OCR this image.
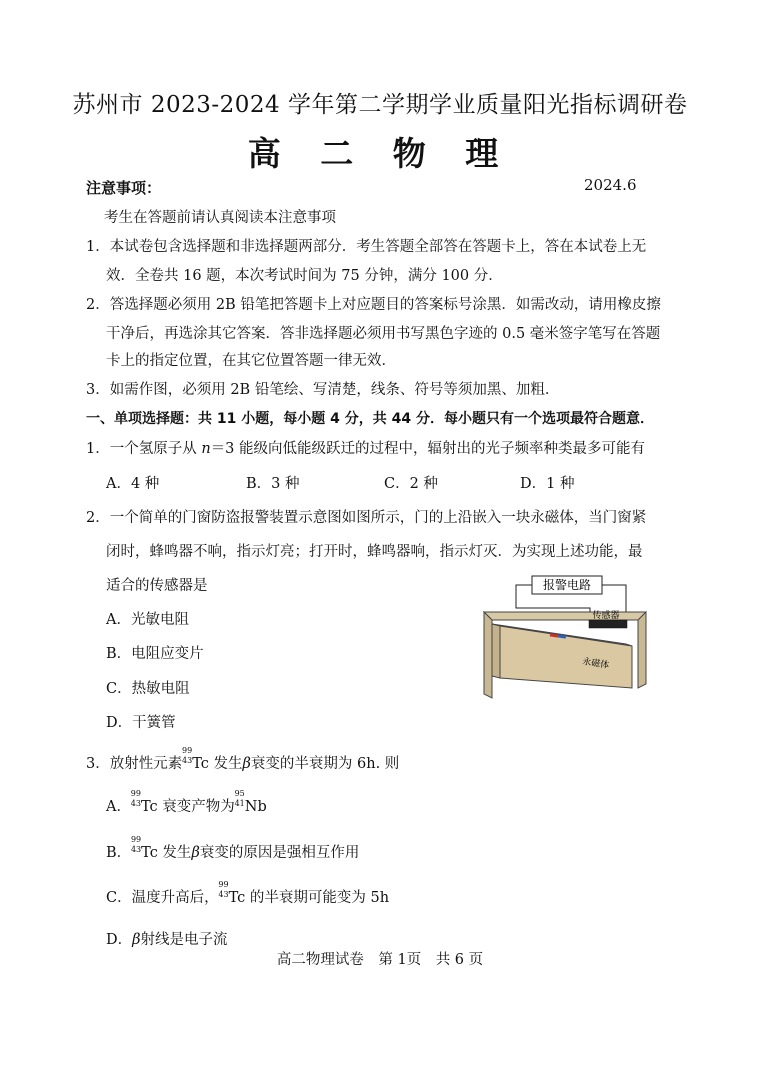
苏州市 2023-2024 学年第二学期学业质量阳光指标调研卷
高 二 物 理
2024.6
注意事项：
考生在答题前请认真阅读本注意事项
1．本试卷包含选择题和非选择题两部分．考生答题全部答在答题卡上，答在本试卷上无
效．全卷共 16 题，本次考试时间为 75 分钟，满分 100 分．
2．答选择题必须用 2B 铅笔把答题卡上对应题目的答案标号涂黑．如需改动，请用橡皮擦
干净后，再选涂其它答案．答非选择题必须用书写黑色字迹的 0.5 毫米签字笔写在答题
卡上的指定位置，在其它位置答题一律无效．
3．如需作图，必须用 2B 铅笔绘、写清楚，线条、符号等须加黑、加粗．
一、单项选择题：共 11 小题，每小题 4 分，共 44 分．每小题只有一个选项最符合题意．
1．一个氢原子从 n＝3 能级向低能级跃迁的过程中，辐射出的光子频率种类最多可能有
A．4 种	B．3 种	C．2 种	D．1 种
2．一个简单的门窗防盗报警装置示意图如图所示，门的上沿嵌入一块永磁体，当门窗紧
闭时，蜂鸣器不响，指示灯亮；打开时，蜂鸣器响，指示灯灭．为实现上述功能，最
适合的传感器是
A．光敏电阻
B．电阻应变片
C．热敏电阻
D．干簧管
报警电路
传感器
永磁体
3．放射性元素
99
43 Tc 发生β衰变的半衰期为 6h. 则
A．
99
43 Tc 衰变产物为
95
41 Nb
B．
99
43 Tc 发生β衰变的原因是强相互作用
C．温度升高后，
99
43 Tc 的半衰期可能变为 5h
D．β射线是电子流
高二物理试卷　第 1页　共 6 页
